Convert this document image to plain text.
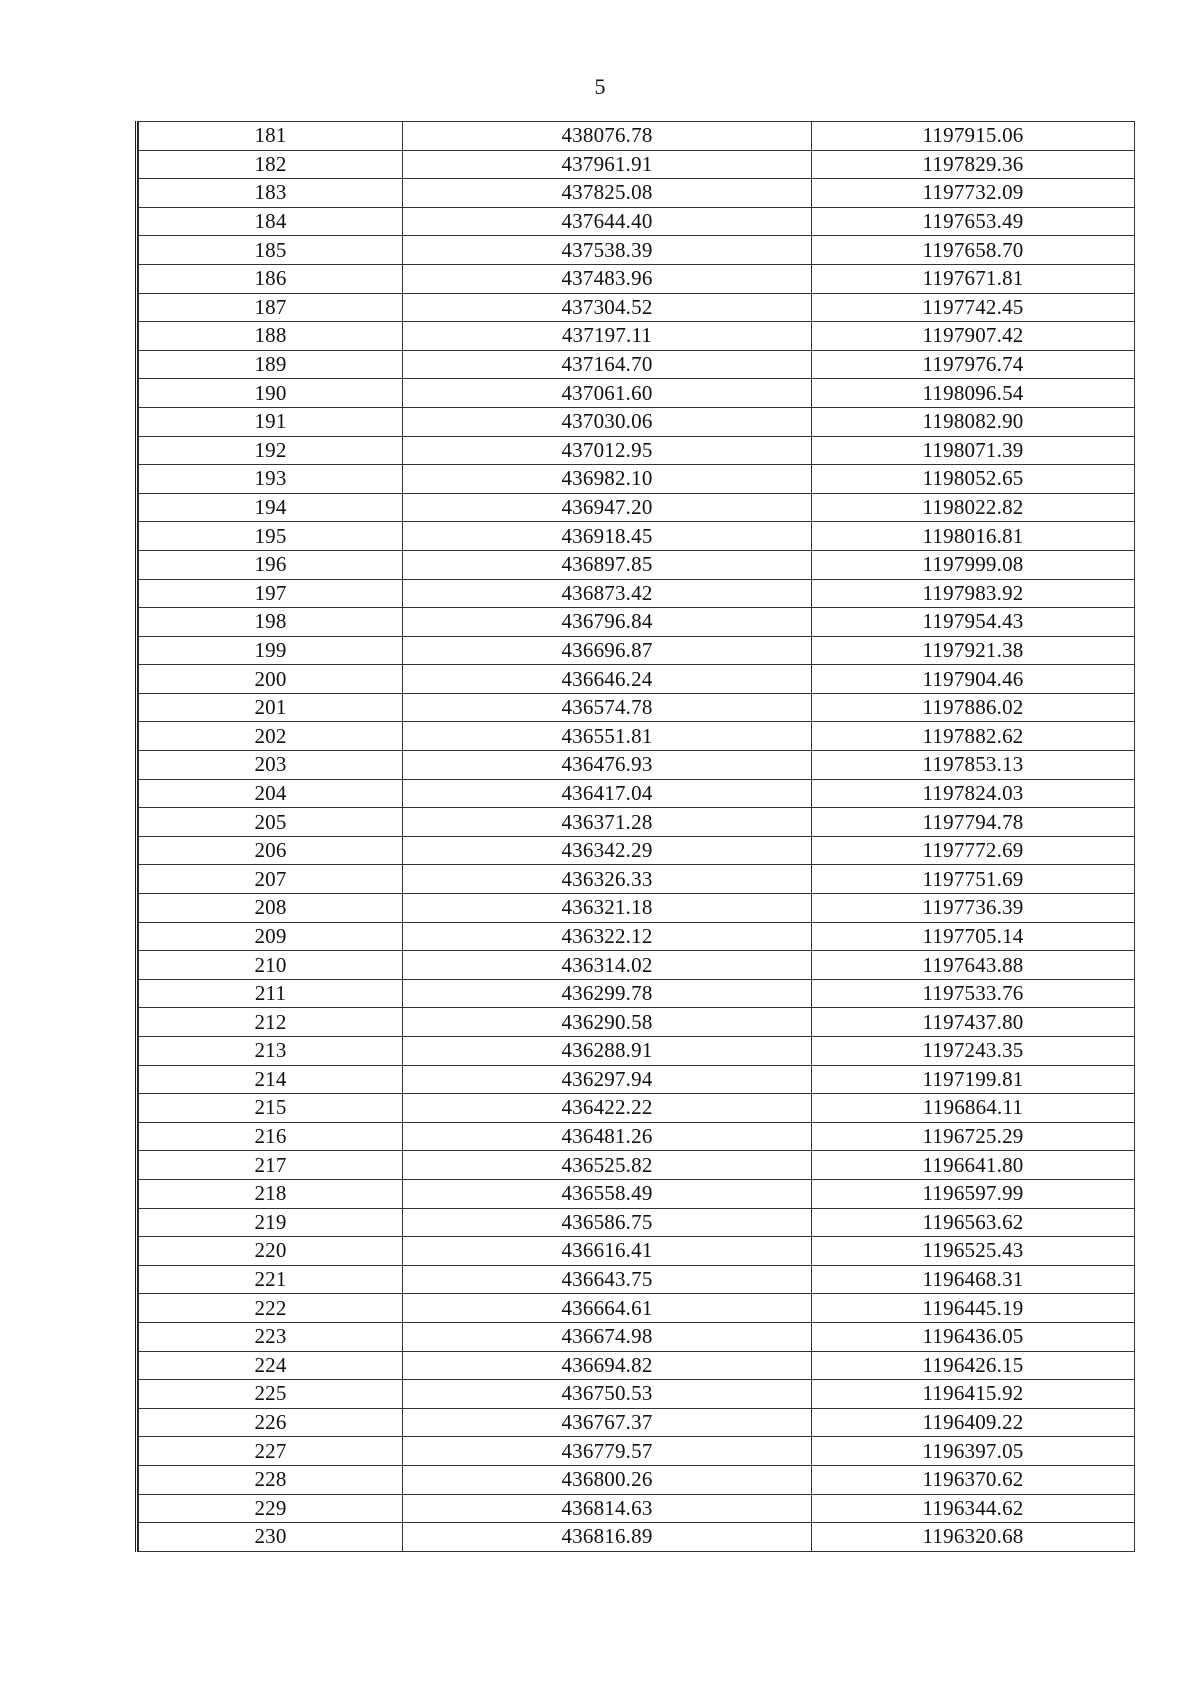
5
181	438076.78	1197915.06
182	437961.91	1197829.36
183	437825.08	1197732.09
184	437644.40	1197653.49
185	437538.39	1197658.70
186	437483.96	1197671.81
187	437304.52	1197742.45
188	437197.11	1197907.42
189	437164.70	1197976.74
190	437061.60	1198096.54
191	437030.06	1198082.90
192	437012.95	1198071.39
193	436982.10	1198052.65
194	436947.20	1198022.82
195	436918.45	1198016.81
196	436897.85	1197999.08
197	436873.42	1197983.92
198	436796.84	1197954.43
199	436696.87	1197921.38
200	436646.24	1197904.46
201	436574.78	1197886.02
202	436551.81	1197882.62
203	436476.93	1197853.13
204	436417.04	1197824.03
205	436371.28	1197794.78
206	436342.29	1197772.69
207	436326.33	1197751.69
208	436321.18	1197736.39
209	436322.12	1197705.14
210	436314.02	1197643.88
211	436299.78	1197533.76
212	436290.58	1197437.80
213	436288.91	1197243.35
214	436297.94	1197199.81
215	436422.22	1196864.11
216	436481.26	1196725.29
217	436525.82	1196641.80
218	436558.49	1196597.99
219	436586.75	1196563.62
220	436616.41	1196525.43
221	436643.75	1196468.31
222	436664.61	1196445.19
223	436674.98	1196436.05
224	436694.82	1196426.15
225	436750.53	1196415.92
226	436767.37	1196409.22
227	436779.57	1196397.05
228	436800.26	1196370.62
229	436814.63	1196344.62
230	436816.89	1196320.68
